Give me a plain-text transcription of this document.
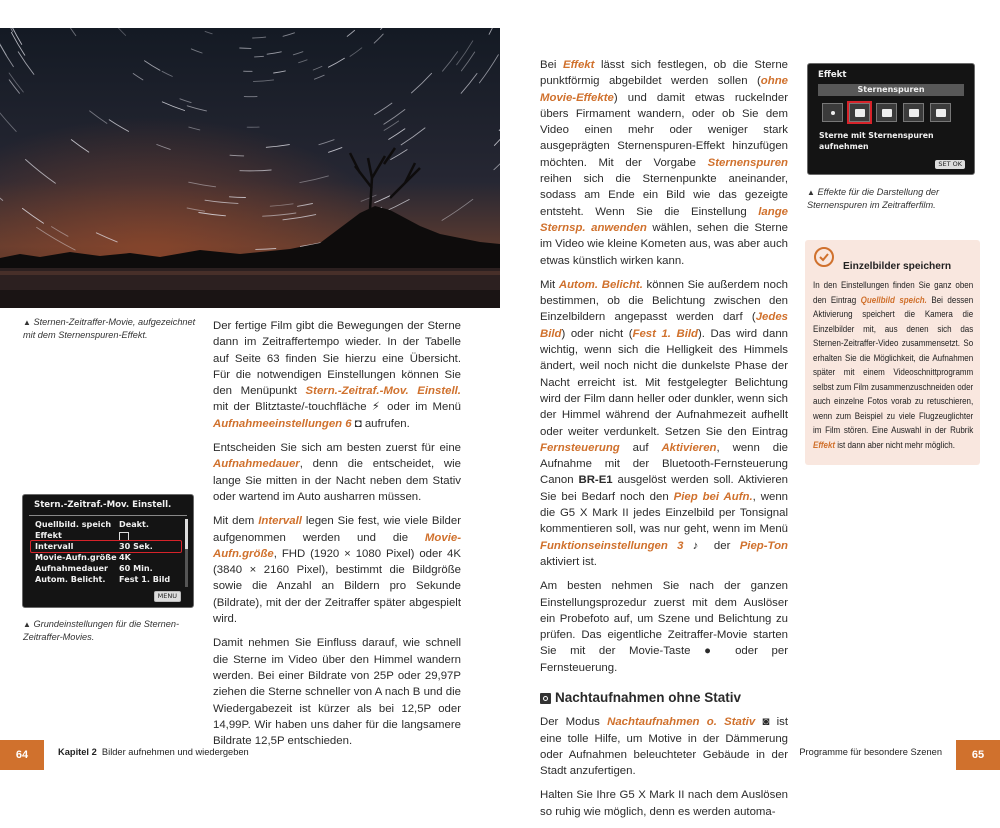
▲ Sternen-Zeitraffer-Movie, aufgezeichnet mit dem Sternenspuren-Effekt.

Der fertige Film gibt die Bewegungen der Sterne dann im Zeitraffertempo wieder. In der Tabelle auf Seite 63 finden Sie hierzu eine Übersicht. Für die notwendigen Einstellungen können Sie den Menüpunkt Stern.-Zeitraf.-Mov. Einstell. mit der Blitztaste/-touchfläche ⚡ oder im Menü Aufnahmeeinstellungen 6 ◘ aufrufen.

Entscheiden Sie sich am besten zuerst für eine Aufnahmedauer, denn die entscheidet, wie lange Sie mitten in der Nacht neben dem Stativ oder wartend im Auto ausharren müssen.

Mit dem Intervall legen Sie fest, wie viele Bilder aufgenommen werden und die Movie-Aufn.größe, FHD (1920 × 1080 Pixel) oder 4K (3840 × 2160 Pixel), bestimmt die Bildgröße sowie die Anzahl an Bildern pro Sekunde (Bildrate), mit der der Zeitraffer später abgespielt wird.

Damit nehmen Sie Einfluss darauf, wie schnell die Sterne im Video über den Himmel wandern werden. Bei einer Bildrate von 25P oder 29,97P ziehen die Sterne schneller von A nach B und die Wiedergabezeit ist kürzer als bei 12,5P oder 14,99P. Wir haben uns daher für die langsamere Bildrate 12,5P entschieden.

Stern.-Zeitraf.-Mov. Einstell.
Quellbild. speich Deakt.
Effekt
Intervall	30 Sek.
Movie-Aufn.größe 4K
Aufnahmedauer	60 Min.
Autom. Belicht.	Fest 1. Bild
MENU
▲ Grundeinstellungen für die Sternen-Zeitraffer-Movies.

Bei Effekt lässt sich festlegen, ob die Sterne punktförmig abgebildet werden sollen (ohne Movie-Effekte) und damit etwas ruckelnder übers Firmament wandern, oder ob Sie dem Video einen mehr oder weniger stark ausgeprägten Sternenspuren-Effekt hinzufügen möchten. Mit der Vorgabe Sternenspuren reihen sich die Sternenpunkte aneinander, sodass am Ende ein Bild wie das gezeigte entsteht. Wenn Sie die Einstellung lange Sternsp. anwenden wählen, sehen die Sterne im Video wie kleine Kometen aus, was aber auch etwas künstlich wirken kann.

Mit Autom. Belicht. können Sie außerdem noch bestimmen, ob die Belichtung zwischen den Einzelbildern angepasst werden darf (Jedes Bild) oder nicht (Fest 1. Bild). Das wird dann wichtig, wenn sich die Helligkeit des Himmels ändert, weil noch nicht die dunkelste Phase der Nacht erreicht ist. Mit festgelegter Belichtung wird der Film dann heller oder dunkler, wenn sich der Himmel während der Aufnahmezeit aufhellt oder weiter verdunkelt. Setzen Sie den Eintrag Fernsteuerung auf Aktivieren, wenn die Aufnahme mit der Bluetooth-Fernsteuerung Canon BR-E1 ausgelöst werden soll. Aktivieren Sie bei Bedarf noch den Piep bei Aufn., wenn die G5 X Mark II jedes Einzelbild per Tonsignal kommentieren soll, was nur geht, wenn im Menü Funktionseinstellungen 3 ♪ der Piep-Ton aktiviert ist.

Am besten nehmen Sie nach der ganzen Einstellungsprozedur zuerst mit dem Auslöser ein Probefoto auf, um Szene und Belichtung zu prüfen. Das eigentliche Zeitraffer-Movie starten Sie mit der Movie-Taste ● oder per Fernsteuerung.

Nachtaufnahmen ohne Stativ

Der Modus Nachtaufnahmen o. Stativ ◙ ist eine tolle Hilfe, um Motive in der Dämmerung oder Aufnahmen beleuchteter Gebäude in der Stadt anzufertigen.

Halten Sie Ihre G5 X Mark II nach dem Auslösen so ruhig wie möglich, denn es werden automa-

Effekt
Sternenspuren
Sterne mit Sternenspuren
aufnehmen
SET OK
▲ Effekte für die Darstellung der Sternenspuren im Zeitrafferfilm.
Einzelbilder speichern
In den Einstellungen finden Sie ganz oben den Eintrag Quellbild speich. Bei dessen Aktivierung speichert die Kamera die Einzelbilder mit, aus denen sich das Sternen-Zeitraffer-Video zusammensetzt. So erhalten Sie die Möglichkeit, die Aufnahmen später mit einem Videoschnittprogramm selbst zum Film zusammenzuschneiden oder auch einzelne Fotos vorab zu retuschieren, wenn zum Beispiel zu viele Flugzeuglichter im Film stören. Eine Auswahl in der Rubrik Effekt ist dann aber nicht mehr möglich.
64	Kapitel 2 Bilder aufnehmen und wiedergeben	Programme für besondere Szenen	65
